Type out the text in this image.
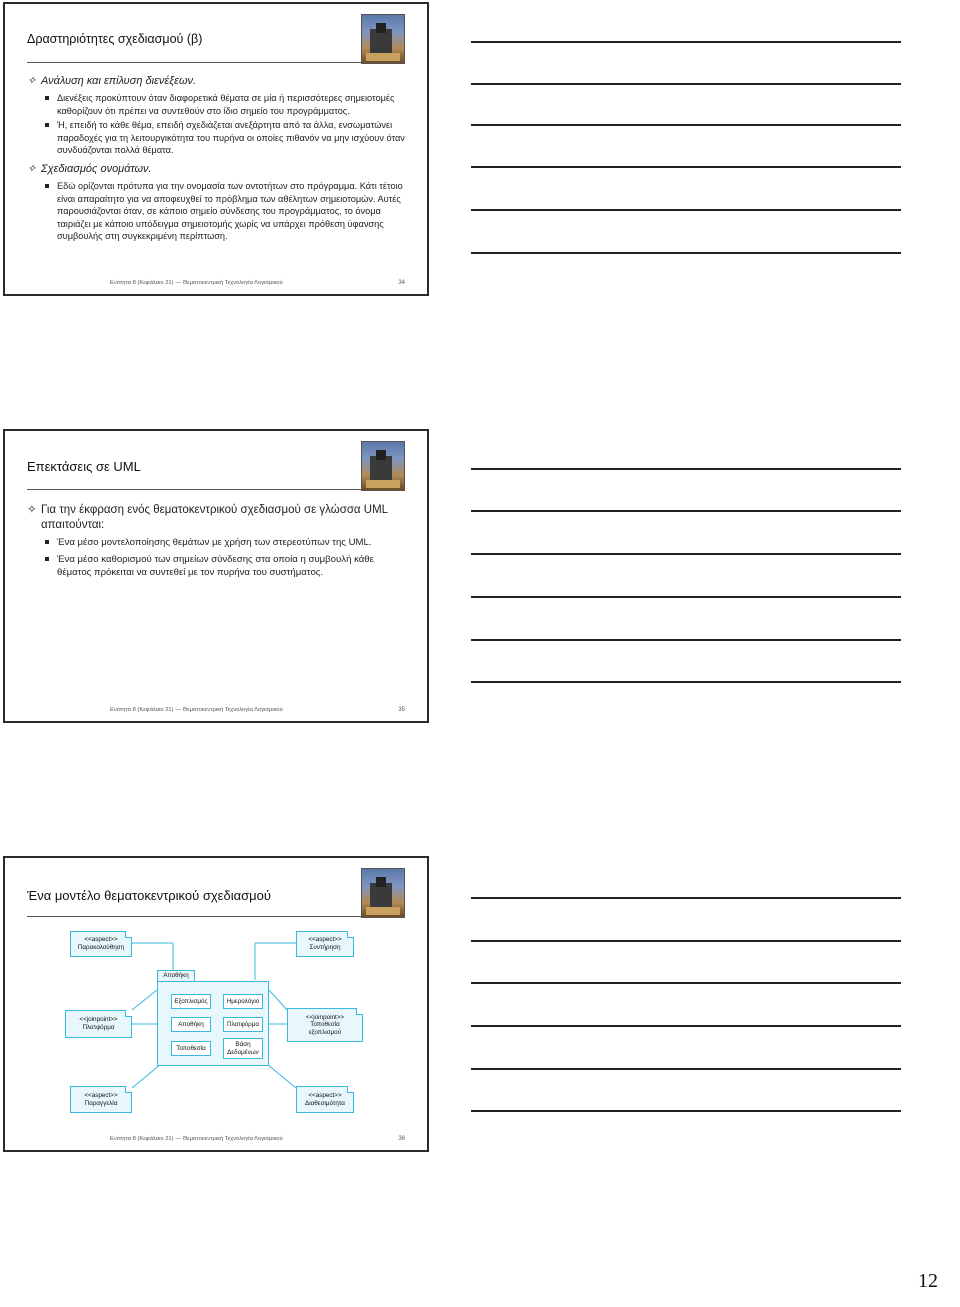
Δραστηριότητες σχεδιασμού (β)
✧ Ανάλυση και επίλυση διενέξεων.
Διενέξεις προκύπτουν όταν διαφορετικά θέματα σε μία ή περισσότερες σημειοτομές καθορίζουν ότι πρέπει να συντεθούν στο ίδιο σημείο του προγράμματος.
Ή, επειδή το κάθε θέμα, επειδή σχεδιάζεται ανεξάρτητα από τα άλλα, ενσωματώνει παραδοχές για τη λειτουργικότητα του πυρήνα οι οποίες πιθανόν να μην ισχύουν όταν συνδυάζονται πολλά θέματα.
✧ Σχεδιασμός ονομάτων.
Εδώ ορίζονται πρότυπα για την ονομασία των οντοτήτων στο πρόγραμμα. Κάτι τέτοιο είναι απαραίτητο για να αποφευχθεί το πρόβλημα των αθέλητων σημειοτομών. Αυτές παρουσιάζονται όταν, σε κάποιο σημείο σύνδεσης του προγράμματος, το όνομα ταιριάζει με κάποιο υπόδειγμα σημειοτομής χωρίς να υπάρχει πρόθεση ύφανσης συμβουλής στη συγκεκριμένη περίπτωση.
Ενότητα 8 (Κεφάλαιο 21) — Θεματοκεντρική Τεχνολογία Λογισμικού	34
Επεκτάσεις σε UML
✧ Για την έκφραση ενός θεματοκεντρικού σχεδιασμού σε γλώσσα UML απαιτούνται:
Ένα μέσο μοντελοποίησης θεμάτων με χρήση των στερεοτύπων της UML.
Ένα μέσο καθορισμού των σημείων σύνδεσης στα οποία η συμβουλή κάθε θέματος πρόκειται να συντεθεί με τον πυρήνα του συστήματος.
Ενότητα 8 (Κεφάλαιο 21) — Θεματοκεντρική Τεχνολογία Λογισμικού	35
Ένα μοντέλο θεματοκεντρικού σχεδιασμού
<<aspect>>
Παρακολούθηση
<<aspect>>
Συντήρηση
Αποθήκη
Εξοπλισμός	Ημερολόγιο
Αποθήκη	Πλατφόρμα
Τοποθεσία
Βάση
Δεδομένων
<<joinpoint>>
Πλατφόρμα
<<joinpoint>>
Τοποθεσία
εξοπλισμού
<<aspect>>
Παραγγελία
<<aspect>>
Διαθεσιμότητα
Ενότητα 8 (Κεφάλαιο 21) — Θεματοκεντρική Τεχνολογία Λογισμικού	36
12
